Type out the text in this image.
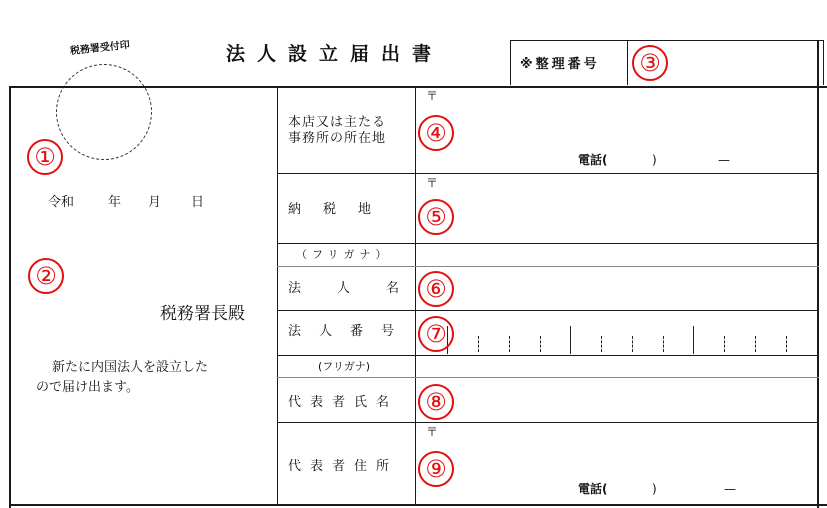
法人設立届出書
税務署受付印
※整理番号
令和	年 月 日
税務署長殿
新たに内国法人を設立した
ので届け出ます。
本店又は主たる
事務所の所在地
〒
電話(	)	—
納税地
〒
（フリガナ）
法人名
法人番号
(フリガナ)
代表者氏名
代表者住所
〒
電話(	)	—
①
②
③
④
⑤
⑥
⑦
⑧
⑨
